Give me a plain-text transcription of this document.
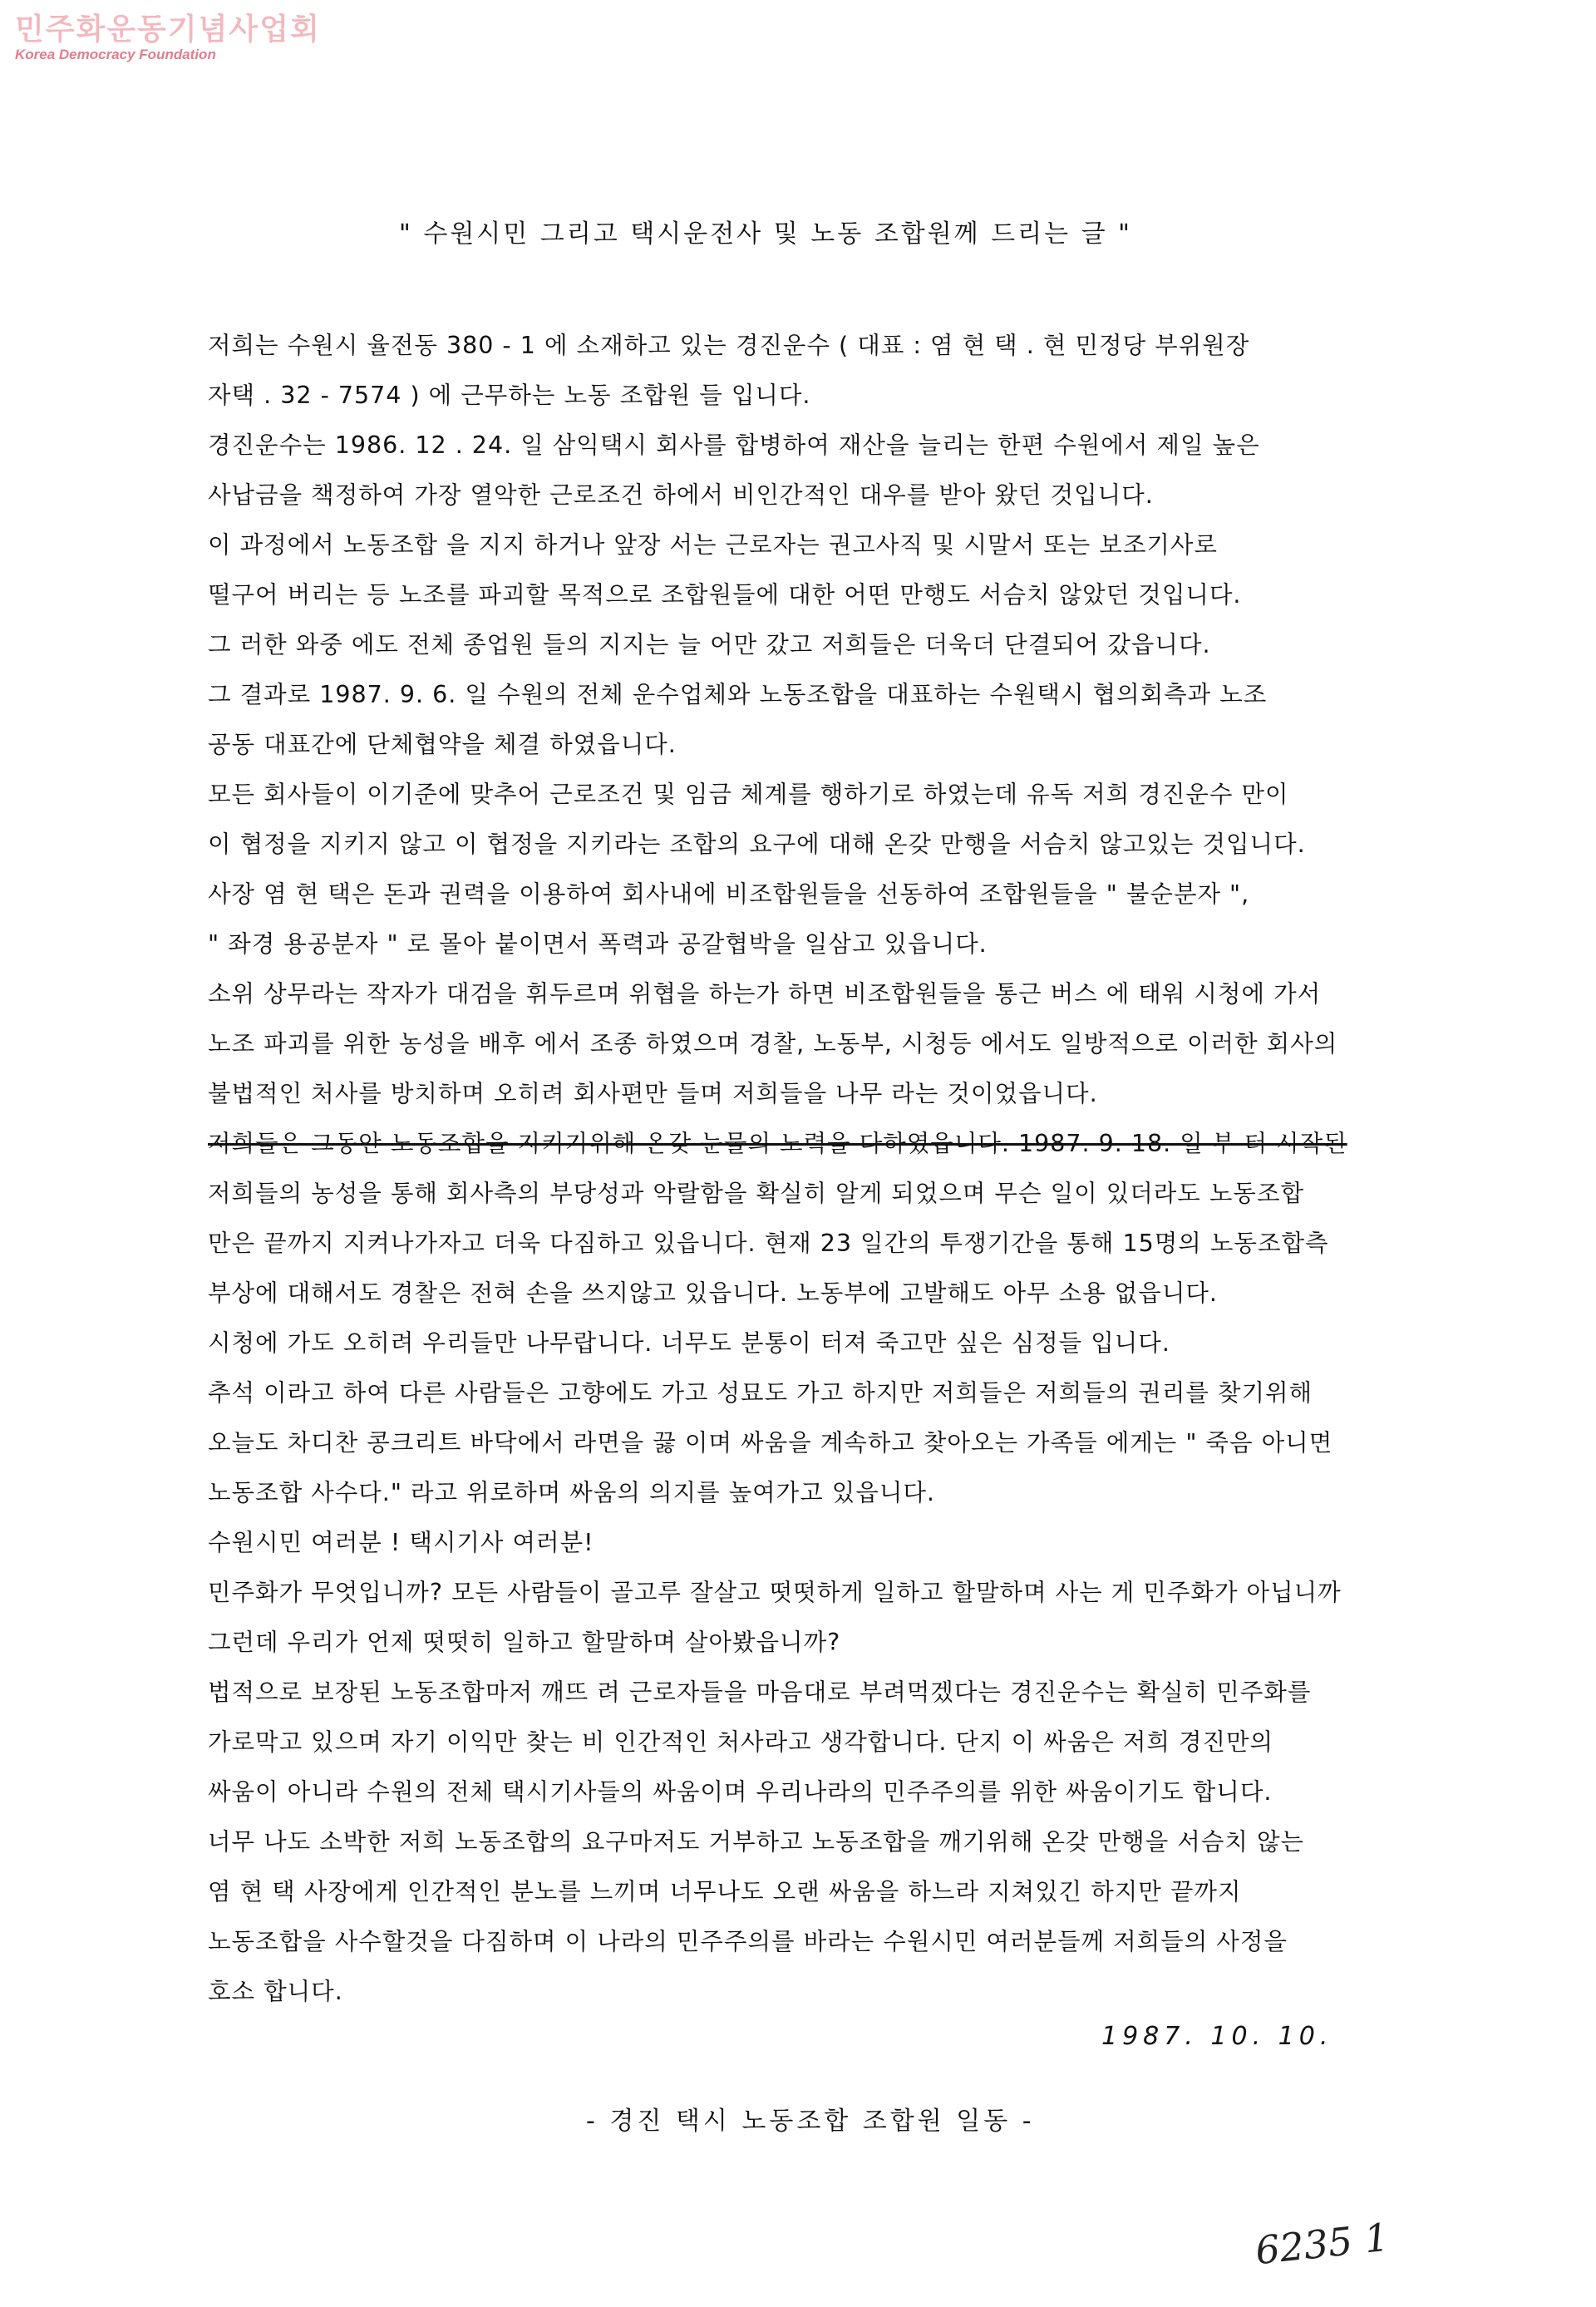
민주화운동기념사업회
Korea Democracy Foundation
" 수원시민 그리고 택시운전사 및 노동 조합원께 드리는 글 "
저희는 수원시 율전동 380 - 1 에 소재하고 있는 경진운수 ( 대표 : 염 현 택 . 현 민정당 부위원장
자택 . 32 - 7574 ) 에 근무하는 노동 조합원 들 입니다.
경진운수는 1986. 12 . 24. 일 삼익택시 회사를 합병하여 재산을 늘리는 한편 수원에서 제일 높은
사납금을 책정하여 가장 열악한 근로조건 하에서 비인간적인 대우를 받아 왔던 것입니다.
이 과정에서 노동조합 을 지지 하거나 앞장 서는 근로자는 권고사직 및 시말서 또는 보조기사로
떨구어 버리는 등 노조를 파괴할 목적으로 조합원들에 대한 어떤 만행도 서슴치 않았던 것입니다.
그 러한 와중 에도 전체 종업원 들의 지지는 늘 어만 갔고 저희들은 더욱더 단결되어 갔읍니다.
그 결과로 1987. 9. 6. 일 수원의 전체 운수업체와 노동조합을 대표하는 수원택시 협의회측과 노조
공동 대표간에 단체협약을 체결 하였읍니다.
모든 회사들이 이기준에 맞추어 근로조건 및 임금 체계를 행하기로 하였는데 유독 저희 경진운수 만이
이 협정을 지키지 않고 이 협정을 지키라는 조합의 요구에 대해 온갖 만행을 서슴치 않고있는 것입니다.
사장 염 현 택은 돈과 권력을 이용하여 회사내에 비조합원들을 선동하여 조합원들을 " 불순분자 ",
" 좌경 용공분자 " 로 몰아 붙이면서 폭력과 공갈협박을 일삼고 있읍니다.
소위 상무라는 작자가 대검을 휘두르며 위협을 하는가 하면 비조합원들을 통근 버스 에 태워 시청에 가서
노조 파괴를 위한 농성을 배후 에서 조종 하였으며 경찰, 노동부, 시청등 에서도 일방적으로 이러한 회사의
불법적인 처사를 방치하며 오히려 회사편만 들며 저희들을 나무 라는 것이었읍니다.
저희들은 그동안 노동조합을 지키기위해 온갖 눈물의 노력을 다하였읍니다. 1987. 9. 18. 일 부 터 시작된
저희들의 농성을 통해 회사측의 부당성과 악랄함을 확실히 알게 되었으며 무슨 일이 있더라도 노동조합
만은 끝까지 지켜나가자고 더욱 다짐하고 있읍니다. 현재 23 일간의 투쟁기간을 통해 15명의 노동조합측
부상에 대해서도 경찰은 전혀 손을 쓰지않고 있읍니다. 노동부에 고발해도 아무 소용 없읍니다.
시청에 가도 오히려 우리들만 나무랍니다. 너무도 분통이 터져 죽고만 싶은 심정들 입니다.
추석 이라고 하여 다른 사람들은 고향에도 가고 성묘도 가고 하지만 저희들은 저희들의 권리를 찾기위해
오늘도 차디찬 콩크리트 바닥에서 라면을 끓 이며 싸움을 계속하고 찾아오는 가족들 에게는 " 죽음 아니면
노동조합 사수다." 라고 위로하며 싸움의 의지를 높여가고 있읍니다.
수원시민 여러분 ! 택시기사 여러분!
민주화가 무엇입니까? 모든 사람들이 골고루 잘살고 떳떳하게 일하고 할말하며 사는 게 민주화가 아닙니까
그런데 우리가 언제 떳떳히 일하고 할말하며 살아봤읍니까?
법적으로 보장된 노동조합마저 깨뜨 려 근로자들을 마음대로 부려먹겠다는 경진운수는 확실히 민주화를
가로막고 있으며 자기 이익만 찾는 비 인간적인 처사라고 생각합니다. 단지 이 싸움은 저희 경진만의
싸움이 아니라 수원의 전체 택시기사들의 싸움이며 우리나라의 민주주의를 위한 싸움이기도 합니다.
너무 나도 소박한 저희 노동조합의 요구마저도 거부하고 노동조합을 깨기위해 온갖 만행을 서슴치 않는
염 현 택 사장에게 인간적인 분노를 느끼며 너무나도 오랜 싸움을 하느라 지쳐있긴 하지만 끝까지
노동조합을 사수할것을 다짐하며 이 나라의 민주주의를 바라는 수원시민 여러분들께 저희들의 사정을
호소 합니다.
1987. 10. 10.
- 경진 택시 노동조합 조합원 일동 -
6235 1
